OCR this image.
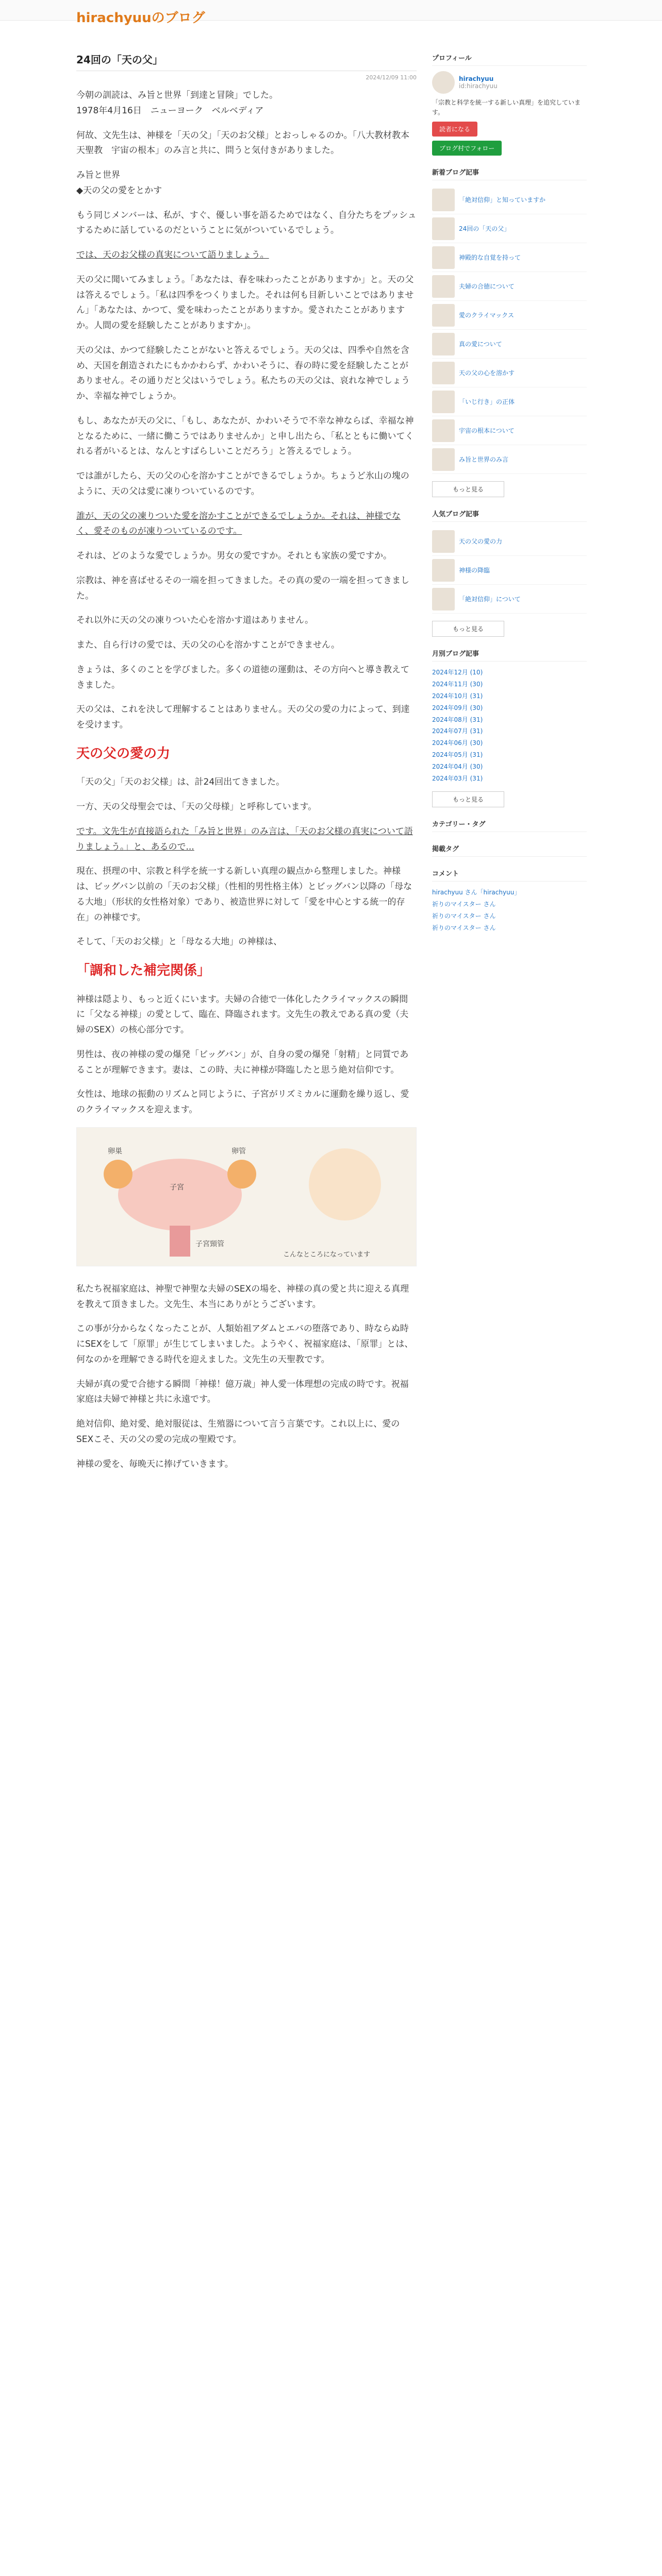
hirachyuuのブログ
24回の「天の父」
2024/12/09 11:00

今朝の訓読は、み旨と世界「到達と冒険」でした。
1978年4月16日　ニューヨーク　ベルベディア

何故、文先生は、神様を「天の父」「天のお父様」とおっしゃるのか。「八大教材教本　天聖教　宇宙の根本」のみ言と共に、問うと気付きがありました。

み旨と世界
◆天の父の愛をとかす

もう同じメンバーは、私が、すぐ、優しい事を語るためではなく、自分たちをプッシュするために話しているのだということに気がついているでしょう。

では、天のお父様の真実について語りましょう。

天の父に聞いてみましょう。「あなたは、春を味わったことがありますか」と。天の父は答えるでしょう。「私は四季をつくりました。それは何も目新しいことではありません」「あなたは、かつて、愛を味わったことがありますか。愛されたことがありますか。人間の愛を経験したことがありますか」。

天の父は、かつて経験したことがないと答えるでしょう。天の父は、四季や自然を含め、天国を創造されたにもかかわらず、かわいそうに、春の時に愛を経験したことがありません。その通りだと父はいうでしょう。私たちの天の父は、哀れな神でしょうか、幸福な神でしょうか。

もし、あなたが天の父に、「もし、あなたが、かわいそうで不幸な神ならば、幸福な神となるために、一緒に働こうではありませんか」と申し出たら、「私とともに働いてくれる者がいるとは、なんとすばらしいことだろう」と答えるでしょう。

では誰がしたら、天の父の心を溶かすことができるでしょうか。ちょうど氷山の塊のように、天の父は愛に凍りついているのです。

誰が、天の父の凍りついた愛を溶かすことができるでしょうか。それは、神様でなく、愛そのものが凍りついているのです。

それは、どのような愛でしょうか。男女の愛ですか。それとも家族の愛ですか。

宗教は、神を喜ばせるその一端を担ってきました。その真の愛の一端を担ってきました。

それ以外に天の父の凍りついた心を溶かす道はありません。

また、自ら行けの愛では、天の父の心を溶かすことができません。

きょうは、多くのことを学びました。多くの道徳の運動は、その方向へと導き教えてきました。

天の父は、これを決して理解することはありません。天の父の愛の力によって、到達を受けます。

天の父の愛の力

「天の父」「天のお父様」は、計24回出てきました。

一方、天の父母聖会では、「天の父母様」と呼称しています。

です。文先生が直接語られた「み旨と世界」のみ言は、「天のお父様の真実について語りましょう。」と、あるので...

現在、摂理の中、宗教と科学を統一する新しい真理の観点から整理しました。神様は、ビッグバン以前の「天のお父様」（性相的男性格主体）とビッグバン以降の「母なる大地」（形状的女性格対象）であり、被造世界に対して「愛を中心とする統一的存在」の神様です。

そして、「天のお父様」と「母なる大地」の神様は、

「調和した補完関係」

神様は隠より、もっと近くにいます。夫婦の合徳で一体化したクライマックスの瞬間に「父なる神様」の愛として、臨在、降臨されます。文先生の教えである真の愛（夫婦のSEX）の核心部分です。

男性は、夜の神様の愛の爆発「ビッグバン」が、自身の愛の爆発「射精」と同質であることが理解できます。妻は、この時、夫に神様が降臨したと思う絶対信仰です。

女性は、地球の振動のリズムと同じように、子宮がリズミカルに運動を繰り返し、愛のクライマックスを迎えます。

卵巣
子宮
卵管
子宮頸管
こんなところになっています

私たち祝福家庭は、神聖で神聖な夫婦のSEXの場を、神様の真の愛と共に迎える真理を教えて頂きました。文先生、本当にありがとうございます。

この事が分からなくなったことが、人類始祖アダムとエバの堕落であり、時ならぬ時にSEXをして「原罪」が生じてしまいました。ようやく、祝福家庭は、「原罪」とは、何なのかを理解できる時代を迎えました。文先生の天聖教です。

夫婦が真の愛で合徳する瞬間「神様！億万歳」神人愛一体理想の完成の時です。祝福家庭は夫婦で神様と共に永遠です。

絶対信仰、絶対愛、絶対服従は、生殖器について言う言葉です。これ以上に、愛のSEXこそ、天の父の愛の完成の聖殿です。

神様の愛を、毎晩天に捧げていきます。

プロフィール
hirachyuu
id:hirachyuu
「宗教と科学を統一する新しい真理」を追究しています。
読者になる
ブログ村でフォロー
新着ブログ記事
「絶対信仰」と知っていますか
24回の「天の父」
神殿的な自覚を持って
夫婦の合徳について
愛のクライマックス
真の愛について
天の父の心を溶かす
「いじ行き」の正体
宇宙の根本について
み旨と世界のみ言
もっと見る
人気ブログ記事
天の父の愛の力
神様の降臨
「絶対信仰」について
もっと見る
月別ブログ記事
2024年12月 (10)
2024年11月 (30)
2024年10月 (31)
2024年09月 (30)
2024年08月 (31)
2024年07月 (31)
2024年06月 (30)
2024年05月 (31)
2024年04月 (30)
2024年03月 (31)
もっと見る
カテゴリー・タグ
掲載タグ
コメント
hirachyuu さん「hirachyuu」
祈りのマイスター さん
祈りのマイスター さん
祈りのマイスター さん
